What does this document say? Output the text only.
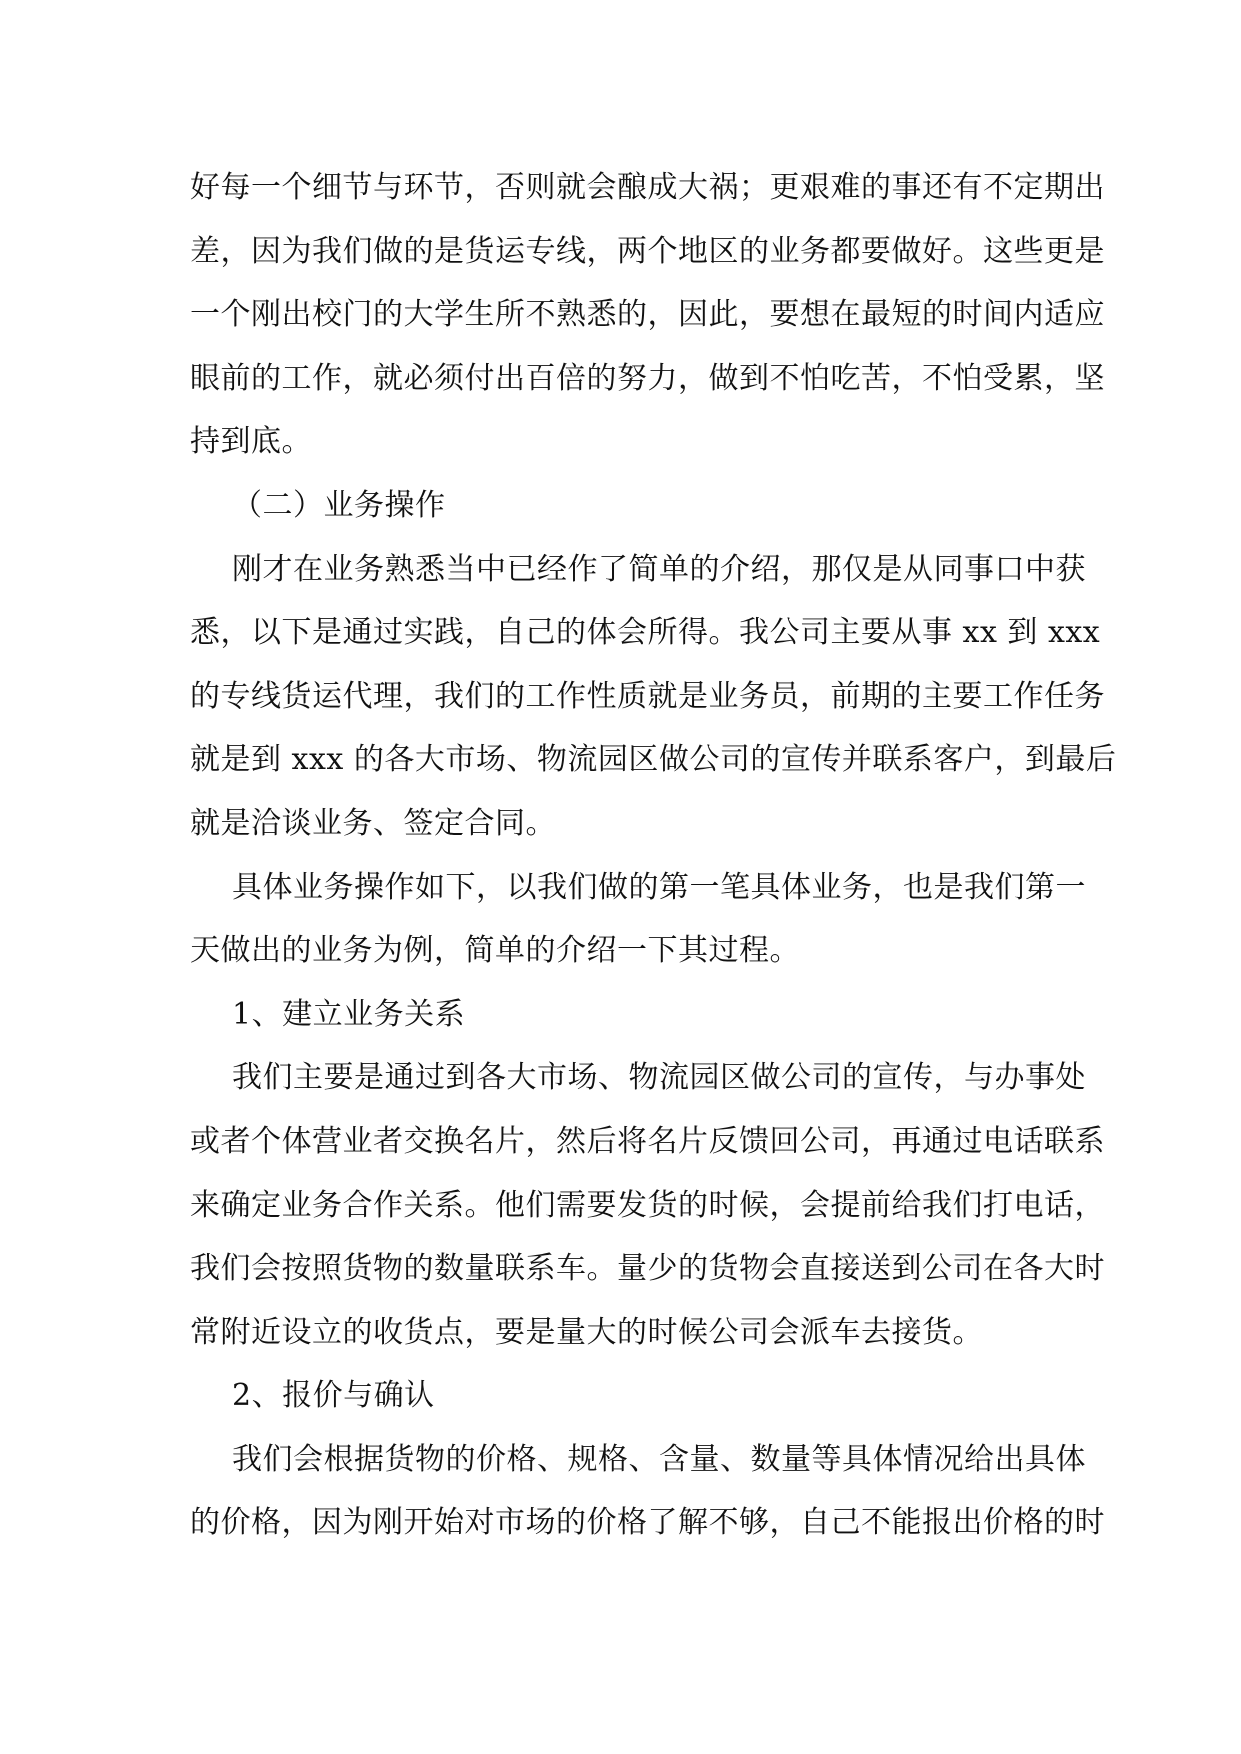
好每一个细节与环节，否则就会酿成大祸；更艰难的事还有不定期出
差，因为我们做的是货运专线，两个地区的业务都要做好。这些更是
一个刚出校门的大学生所不熟悉的，因此，要想在最短的时间内适应
眼前的工作，就必须付出百倍的努力，做到不怕吃苦，不怕受累，坚
持到底。
（二）业务操作
刚才在业务熟悉当中已经作了简单的介绍，那仅是从同事口中获
悉，以下是通过实践，自己的体会所得。我公司主要从事 xx 到 xxx
的专线货运代理，我们的工作性质就是业务员，前期的主要工作任务
就是到 xxx 的各大市场、物流园区做公司的宣传并联系客户，到最后
就是洽谈业务、签定合同。
具体业务操作如下，以我们做的第一笔具体业务，也是我们第一
天做出的业务为例，简单的介绍一下其过程。
1、建立业务关系
我们主要是通过到各大市场、物流园区做公司的宣传，与办事处
或者个体营业者交换名片，然后将名片反馈回公司，再通过电话联系
来确定业务合作关系。他们需要发货的时候，会提前给我们打电话，
我们会按照货物的数量联系车。量少的货物会直接送到公司在各大时
常附近设立的收货点，要是量大的时候公司会派车去接货。
2、报价与确认
我们会根据货物的价格、规格、含量、数量等具体情况给出具体
的价格，因为刚开始对市场的价格了解不够，自己不能报出价格的时
